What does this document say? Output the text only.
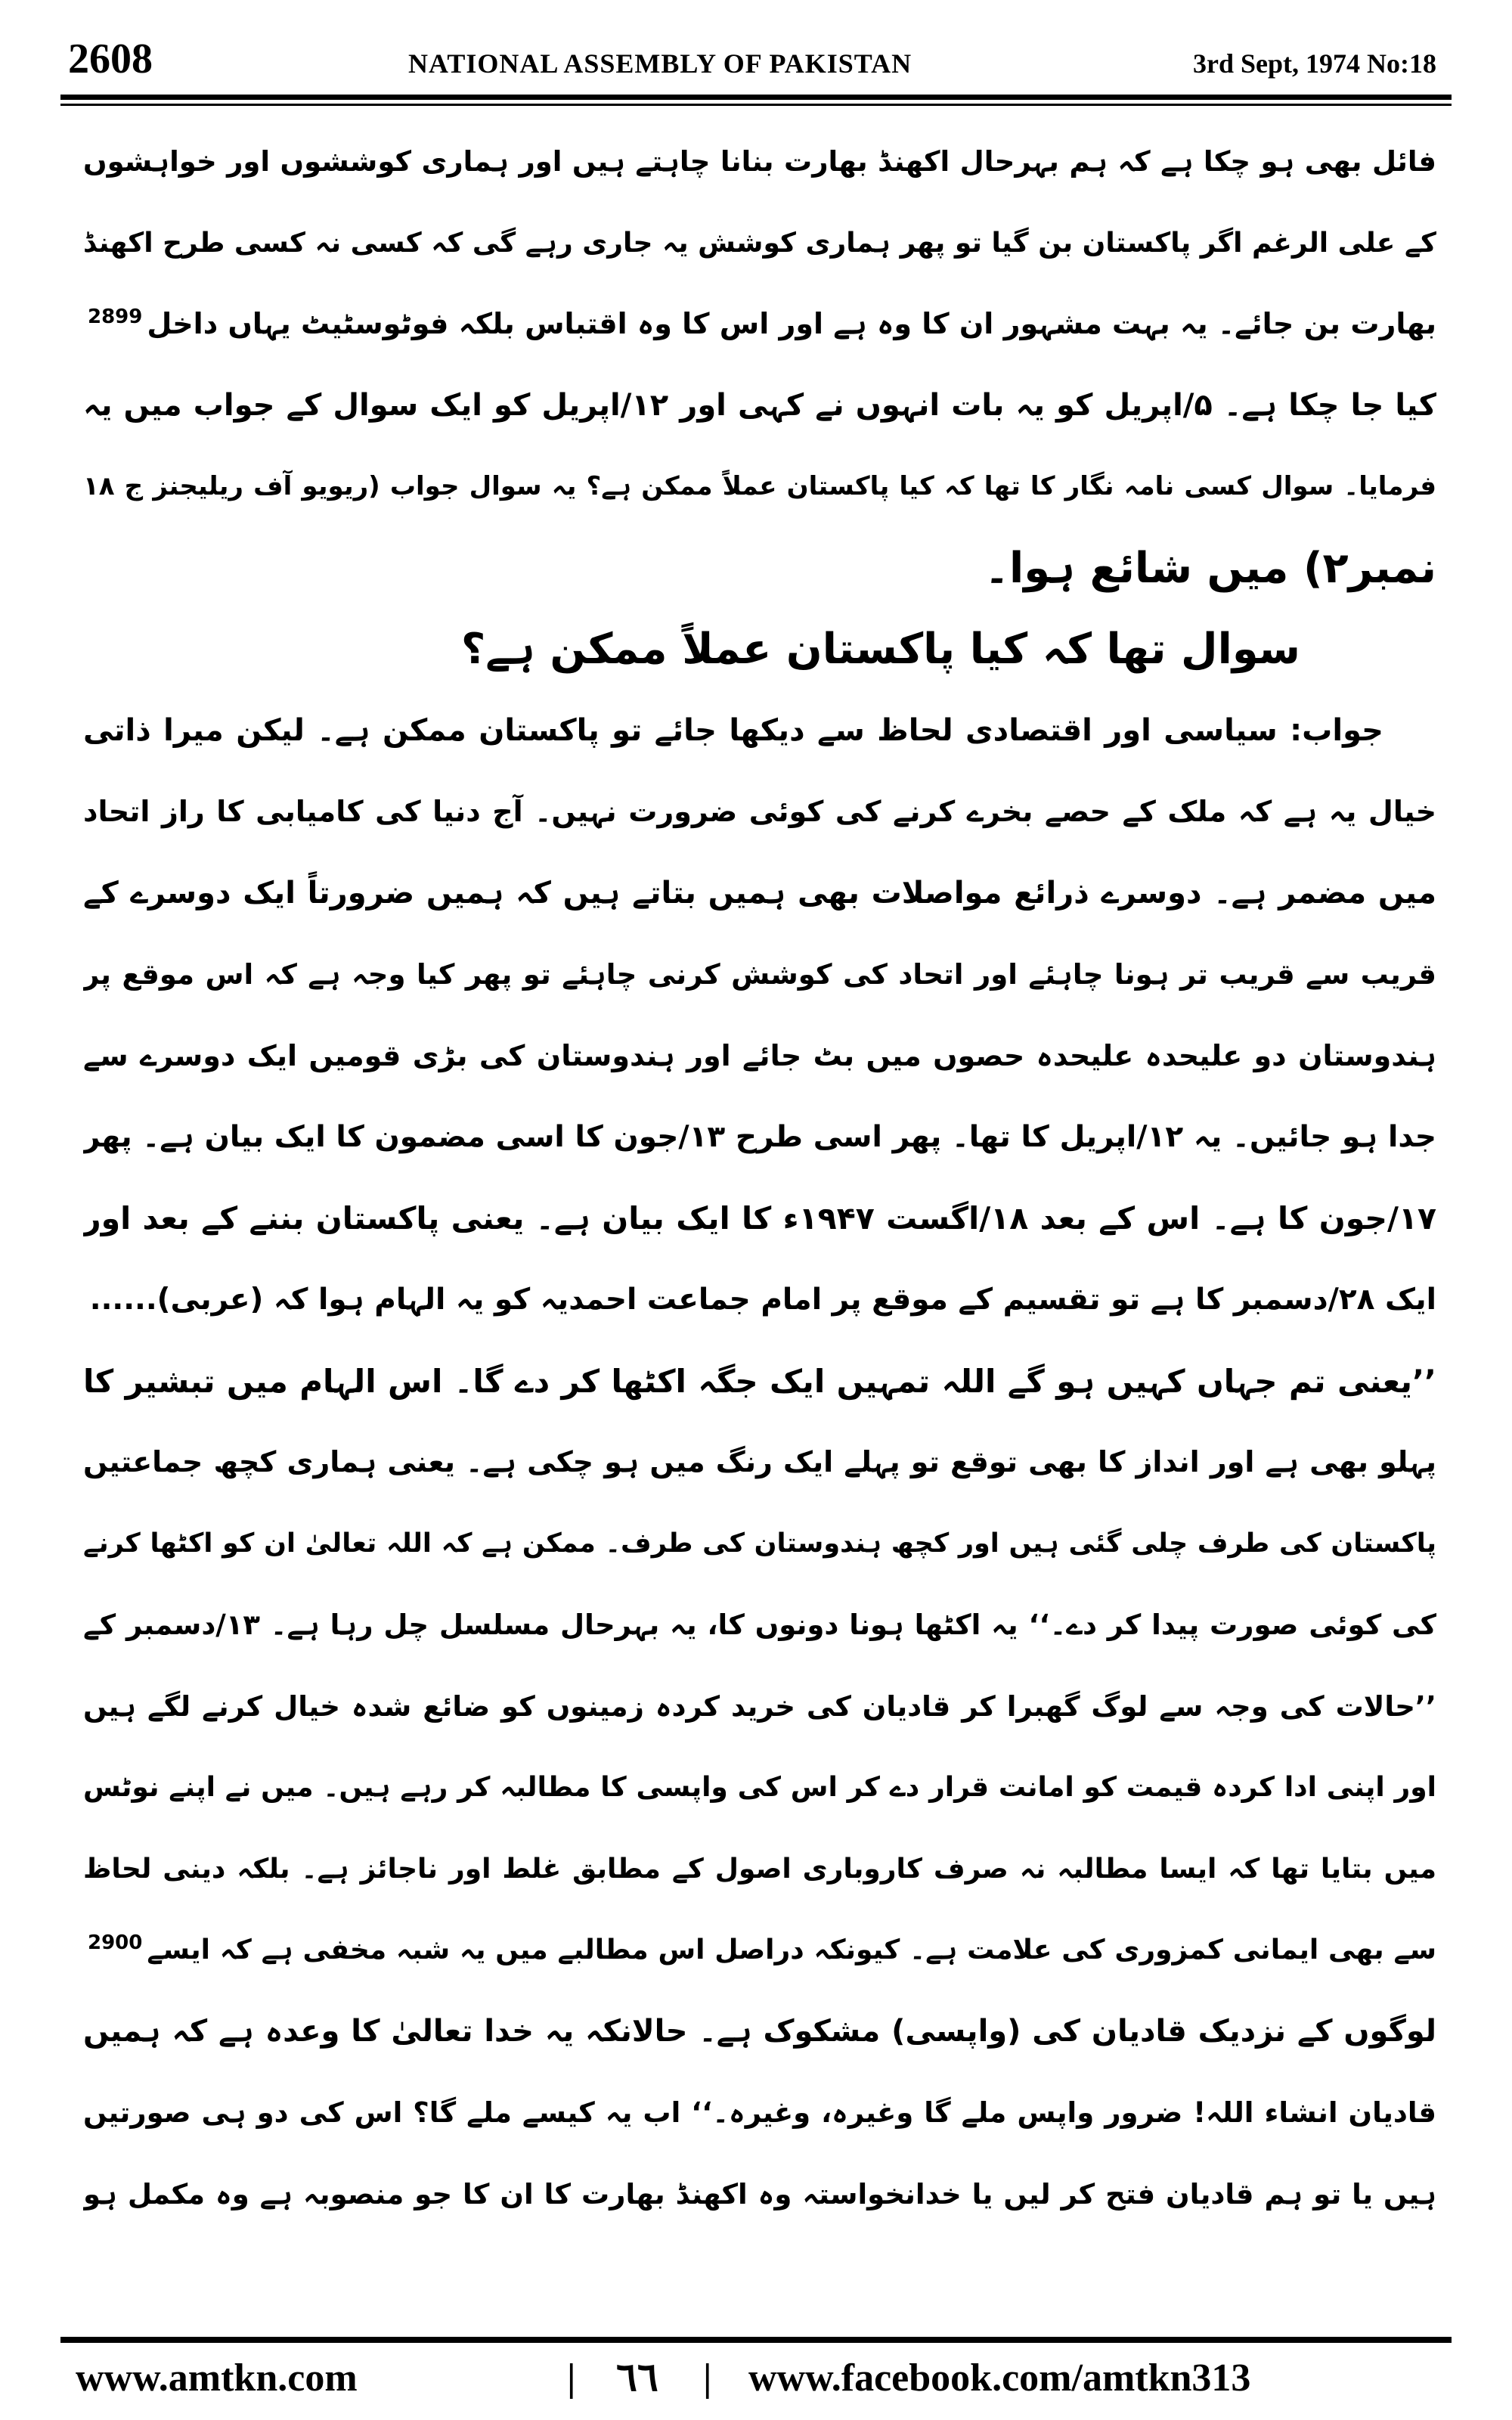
2608	NATIONAL ASSEMBLY OF PAKISTAN	3rd Sept, 1974 No:18
فائل بھی ہو چکا ہے کہ ہم بہرحال اکھنڈ بھارت بنانا چاہتے ہیں اور ہماری کوششوں اور خواہشوں
کے علی الرغم اگر پاکستان بن گیا تو پھر ہماری کوشش یہ جاری رہے گی کہ کسی نہ کسی طرح اکھنڈ
بھارت بن جائے۔ یہ بہت مشہور ان کا وہ ہے اور اس کا وہ اقتباس بلکہ فوٹوسٹیٹ یہاں داخل$^{2899}$
کیا جا چکا ہے۔ ۵/اپریل کو یہ بات انہوں نے کہی اور ۱۲/اپریل کو ایک سوال کے جواب میں یہ
فرمایا۔ سوال کسی نامہ نگار کا تھا کہ کیا پاکستان عملاً ممکن ہے؟ یہ سوال جواب (ریویو آف ریلیجنز ج ۱۸
نمبر۲) میں شائع ہوا۔
سوال تھا کہ کیا پاکستان عملاً ممکن ہے؟
جواب: سیاسی اور اقتصادی لحاظ سے دیکھا جائے تو پاکستان ممکن ہے۔ لیکن میرا ذاتی
خیال یہ ہے کہ ملک کے حصے بخرے کرنے کی کوئی ضرورت نہیں۔ آج دنیا کی کامیابی کا راز اتحاد
میں مضمر ہے۔ دوسرے ذرائع مواصلات بھی ہمیں بتاتے ہیں کہ ہمیں ضرورتاً ایک دوسرے کے
قریب سے قریب تر ہونا چاہئے اور اتحاد کی کوشش کرنی چاہئے تو پھر کیا وجہ ہے کہ اس موقع پر
ہندوستان دو علیحدہ علیحدہ حصوں میں بٹ جائے اور ہندوستان کی بڑی قومیں ایک دوسرے سے
جدا ہو جائیں۔ یہ ۱۲/اپریل کا تھا۔ پھر اسی طرح ۱۳/جون کا اسی مضمون کا ایک بیان ہے۔ پھر
۱۷/جون کا ہے۔ اس کے بعد ۱۸/اگست ۱۹۴۷ء کا ایک بیان ہے۔ یعنی پاکستان بننے کے بعد اور
ایک ۲۸/دسمبر کا ہے تو تقسیم کے موقع پر امام جماعت احمدیہ کو یہ الہام ہوا کہ (عربی)......
’’یعنی تم جہاں کہیں ہو گے اللہ تمہیں ایک جگہ اکٹھا کر دے گا۔ اس الہام میں تبشیر کا
پہلو بھی ہے اور انداز کا بھی توقع تو پہلے ایک رنگ میں ہو چکی ہے۔ یعنی ہماری کچھ جماعتیں
پاکستان کی طرف چلی گئی ہیں اور کچھ ہندوستان کی طرف۔ ممکن ہے کہ اللہ تعالیٰ ان کو اکٹھا کرنے
کی کوئی صورت پیدا کر دے۔‘‘ یہ اکٹھا ہونا دونوں کا، یہ بہرحال مسلسل چل رہا ہے۔ ۱۳/دسمبر کے
’’حالات کی وجہ سے لوگ گھبرا کر قادیان کی خرید کردہ زمینوں کو ضائع شدہ خیال کرنے لگے ہیں
اور اپنی ادا کردہ قیمت کو امانت قرار دے کر اس کی واپسی کا مطالبہ کر رہے ہیں۔ میں نے اپنے نوٹس
میں بتایا تھا کہ ایسا مطالبہ نہ صرف کاروباری اصول کے مطابق غلط اور ناجائز ہے۔ بلکہ دینی لحاظ
سے بھی ایمانی کمزوری کی علامت ہے۔ کیونکہ دراصل اس مطالبے میں یہ شبہ مخفی ہے کہ ایسے$^{2900}$
لوگوں کے نزدیک قادیان کی (واپسی) مشکوک ہے۔ حالانکہ یہ خدا تعالیٰ کا وعدہ ہے کہ ہمیں
قادیان انشاء اللہ! ضرور واپس ملے گا وغیرہ، وغیرہ۔‘‘ اب یہ کیسے ملے گا؟ اس کی دو ہی صورتیں
ہیں یا تو ہم قادیان فتح کر لیں یا خدانخواستہ وہ اکھنڈ بھارت کا ان کا جو منصوبہ ہے وہ مکمل ہو
www.amtkn.com	| ٦٦ | www.facebook.com/amtkn313
